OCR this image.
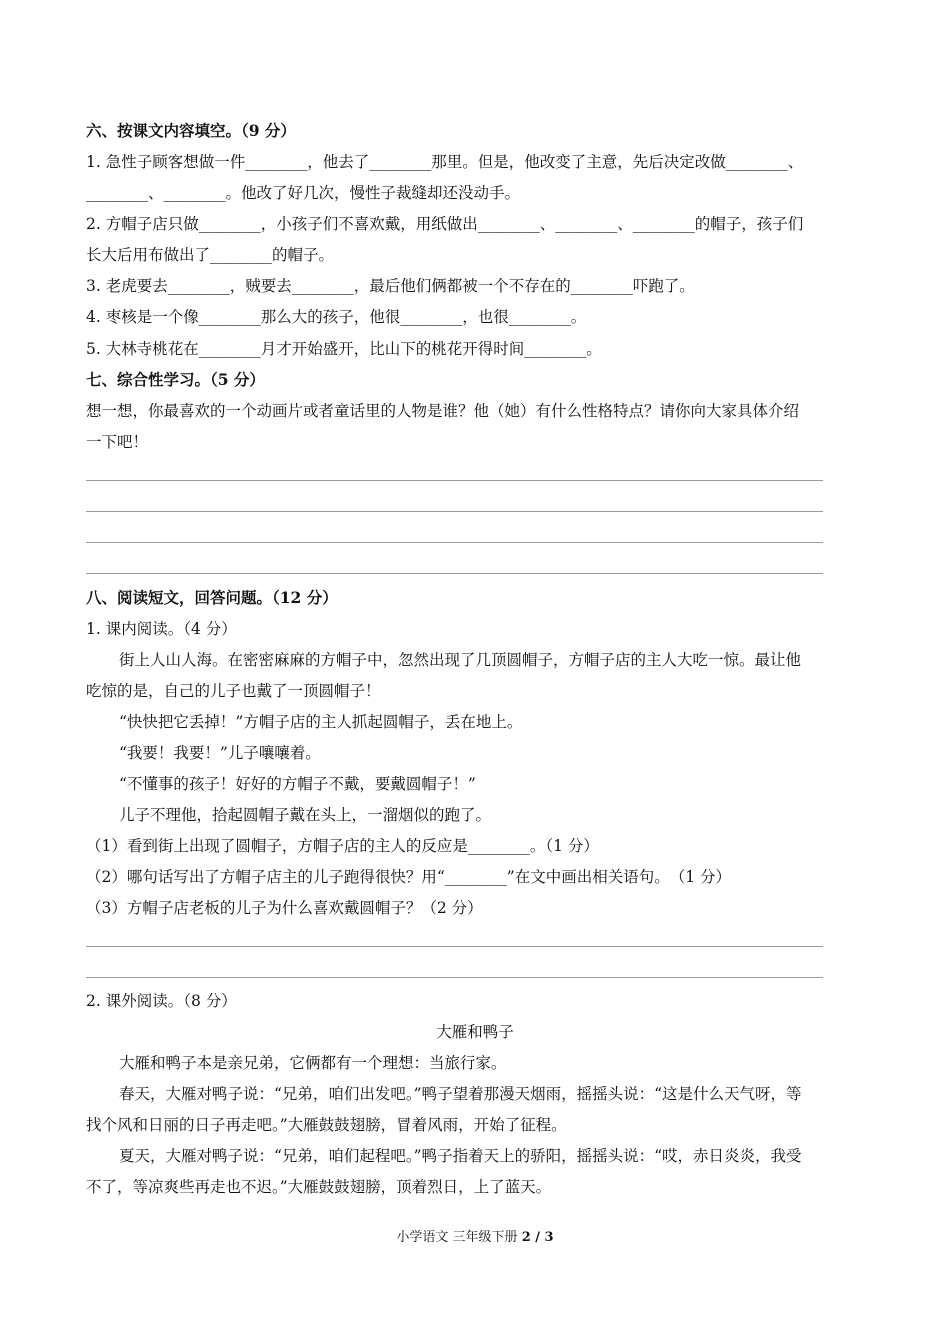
六、按课文内容填空。（9 分）
1. 急性子顾客想做一件________，他去了________那里。但是，他改变了主意，先后决定改做________、
________、________。他改了好几次，慢性子裁缝却还没动手。
2. 方帽子店只做________，小孩子们不喜欢戴，用纸做出________、________、________的帽子，孩子们
长大后用布做出了________的帽子。
3. 老虎要去________，贼要去________，最后他们俩都被一个不存在的________吓跑了。
4. 枣核是一个像________那么大的孩子，他很________，也很________。
5. 大林寺桃花在________月才开始盛开，比山下的桃花开得时间________。
七、综合性学习。（5 分）
想一想，你最喜欢的一个动画片或者童话里的人物是谁？他（她）有什么性格特点？请你向大家具体介绍
一下吧！
八、阅读短文，回答问题。（12 分）
1. 课内阅读。（4 分）
街上人山人海。在密密麻麻的方帽子中，忽然出现了几顶圆帽子，方帽子店的主人大吃一惊。最让他
吃惊的是，自己的儿子也戴了一顶圆帽子！
“快快把它丢掉！”方帽子店的主人抓起圆帽子，丢在地上。
“我要！我要！”儿子嚷嚷着。
“不懂事的孩子！好好的方帽子不戴，要戴圆帽子！”
儿子不理他，拾起圆帽子戴在头上，一溜烟似的跑了。
（1）看到街上出现了圆帽子，方帽子店的主人的反应是________。（1 分）
（2）哪句话写出了方帽子店主的儿子跑得很快？用“________”在文中画出相关语句。　（1 分）
（3）方帽子店老板的儿子为什么喜欢戴圆帽子？（2 分）
2. 课外阅读。（8 分）
大雁和鸭子
大雁和鸭子本是亲兄弟，它俩都有一个理想：当旅行家。
春天，大雁对鸭子说：“兄弟，咱们出发吧。”鸭子望着那漫天烟雨，摇摇头说：“这是什么天气呀，等
找个风和日丽的日子再走吧。”大雁鼓鼓翅膀，冒着风雨，开始了征程。
夏天，大雁对鸭子说：“兄弟，咱们起程吧。”鸭子指着天上的骄阳，摇摇头说：“哎，赤日炎炎，我受
不了，等凉爽些再走也不迟。”大雁鼓鼓翅膀，顶着烈日，上了蓝天。
小学语文 三年级下册 2 / 3
